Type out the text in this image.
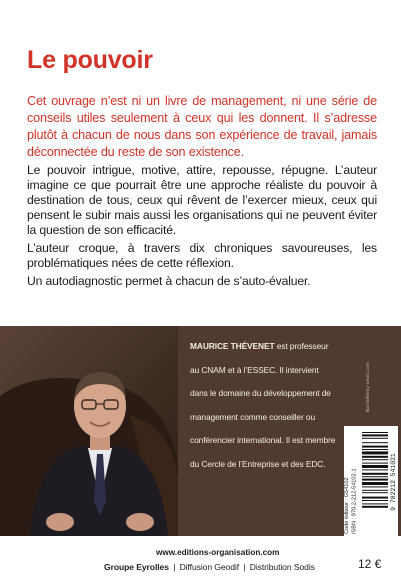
Le pouvoir

Cet ouvrage n’est ni un livre de management, ni une série de conseils utiles seulement à ceux qui les donnent. Il s’adresse plutôt à chacun de nous dans son expérience de travail, jamais déconnectée du reste de son existence.

Le pouvoir intrigue, motive, attire, repousse, répugne. L’auteur imagine ce que pourrait être une approche réaliste du pouvoir à destination de tous, ceux qui rêvent de l’exercer mieux, ceux qui pensent le subir mais aussi les organisations qui ne peuvent éviter la question de son efficacité.

L’auteur croque, à travers dix chroniques savoureuses, les problématiques nées de cette réflexion.

Un autodiagnostic permet à chacun de s’auto-évaluer.

MAURICE THÉVENET est professeur au CNAM et à l’ESSEC. Il intervient dans le domaine du développement de management comme conseiller ou conférencier international. Il est membre du Cercle de l’Entreprise et des EDC.

Barthélemy-seuil.com
Code éditeur : G54102 ISBN : 978-2-212-54102-1	9 782212 541021
www.editions-organisation.com
Groupe Eyrolles | Diffusion Geodif | Distribution Sodis	12 €
